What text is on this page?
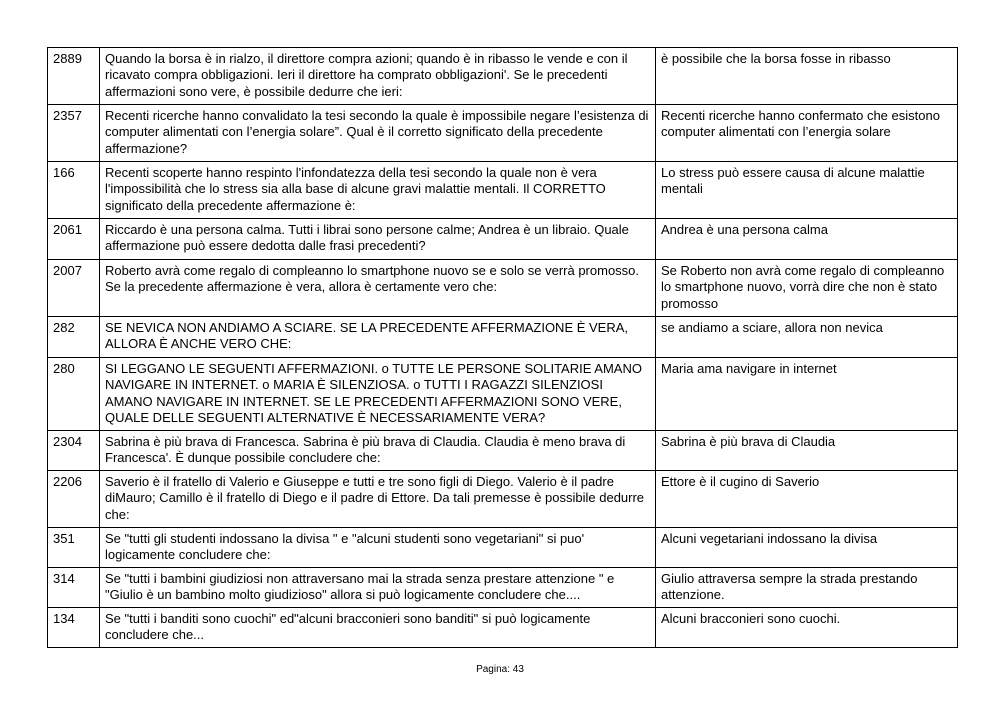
2889	Quando la borsa è in rialzo, il direttore compra azioni; quando è in ribasso le vende e con il ricavato compra obbligazioni. Ieri il direttore ha comprato obbligazioni'. Se le precedenti affermazioni sono vere, è possibile dedurre che ieri:	è possibile che la borsa fosse in ribasso
2357	Recenti ricerche hanno convalidato la tesi secondo la quale è impossibile negare l’esistenza di computer alimentati con l’energia solare”. Qual è il corretto significato della precedente affermazione?	Recenti ricerche hanno confermato che esistono computer alimentati con l’energia solare
166	Recenti scoperte hanno respinto l'infondatezza della tesi secondo la quale non è vera l'impossibilità che lo stress sia alla base di alcune gravi malattie mentali. Il CORRETTO significato della precedente affermazione è:	Lo stress può essere causa di alcune malattie mentali
2061	Riccardo è una persona calma. Tutti i librai sono persone calme; Andrea è un libraio. Quale affermazione può essere dedotta dalle frasi precedenti?	Andrea è una persona calma
2007	Roberto avrà come regalo di compleanno lo smartphone nuovo se e solo se verrà promosso. Se la precedente affermazione è vera, allora è certamente vero che:	Se Roberto non avrà come regalo di compleanno lo smartphone nuovo, vorrà dire che non è stato promosso
282	SE NEVICA NON ANDIAMO A SCIARE. SE LA PRECEDENTE AFFERMAZIONE È VERA, ALLORA È ANCHE VERO CHE:	se andiamo a sciare, allora non nevica
280	SI LEGGANO LE SEGUENTI AFFERMAZIONI. o TUTTE LE PERSONE SOLITARIE AMANO NAVIGARE IN INTERNET. o MARIA È SILENZIOSA. o TUTTI I RAGAZZI SILENZIOSI AMANO NAVIGARE IN INTERNET. SE LE PRECEDENTI AFFERMAZIONI SONO VERE, QUALE DELLE SEGUENTI ALTERNATIVE È NECESSARIAMENTE VERA?	Maria ama navigare in internet
2304	Sabrina è più brava di Francesca. Sabrina è più brava di Claudia. Claudia è meno brava di Francesca'. È dunque possibile concludere che:	Sabrina è più brava di Claudia
2206	Saverio è il fratello di Valerio e Giuseppe e tutti e tre sono figli di Diego. Valerio è il padre diMauro; Camillo è il fratello di Diego e il padre di Ettore. Da tali premesse è possibile dedurre che:	Ettore è il cugino di Saverio
351	Se "tutti gli studenti indossano la divisa " e "alcuni studenti sono vegetariani" si puo' logicamente concludere che:	Alcuni vegetariani indossano la divisa
314	Se "tutti i bambini giudiziosi non attraversano mai la strada senza prestare attenzione " e "Giulio è un bambino molto giudizioso" allora si può logicamente concludere che....	Giulio attraversa sempre la strada prestando attenzione.
134	Se "tutti i banditi sono cuochi" ed"alcuni bracconieri sono banditi" si può logicamente concludere che...	Alcuni bracconieri sono cuochi.
Pagina: 43
